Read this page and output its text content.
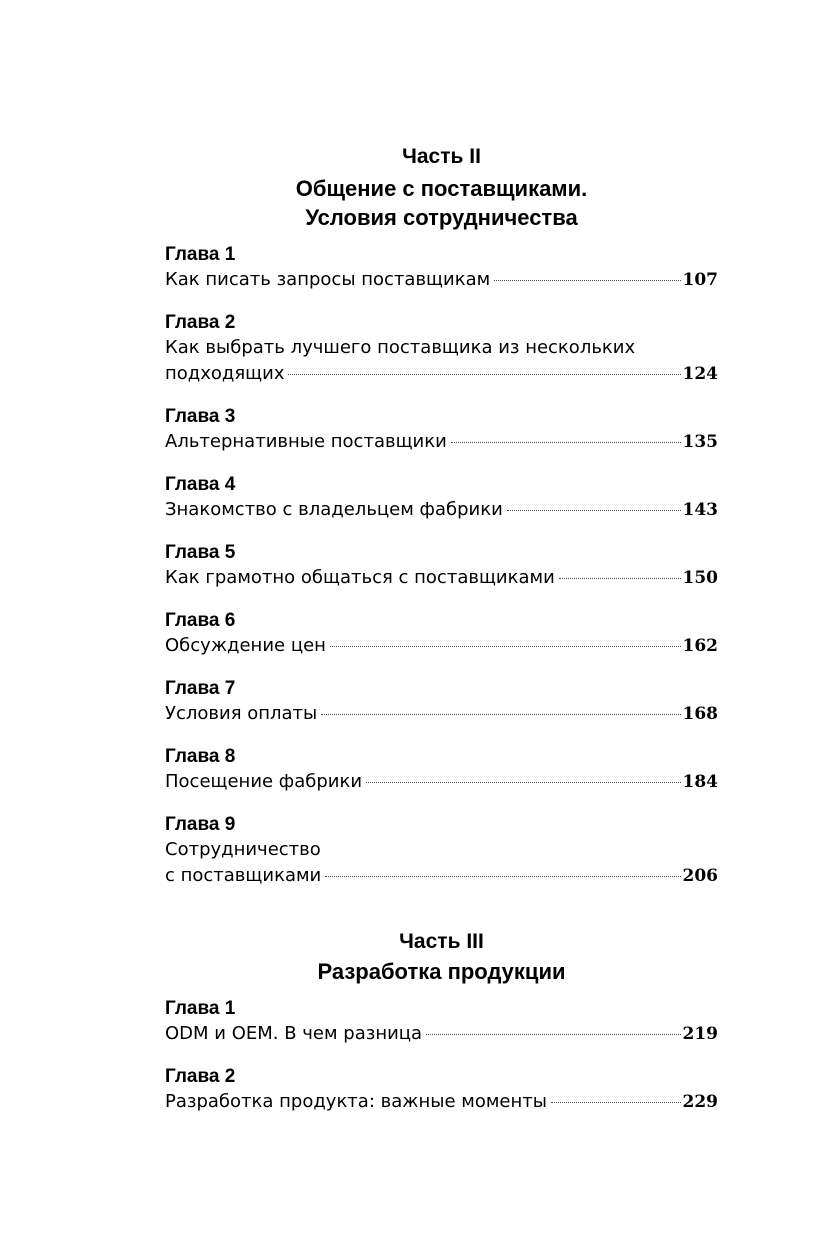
Часть II
Общение с поставщиками.
Условия сотрудничества
Глава 1
Как писать запросы поставщикам	107
Глава 2
Как выбрать лучшего поставщика из нескольких
подходящих	124
Глава 3
Альтернативные поставщики	135
Глава 4
Знакомство с владельцем фабрики	143
Глава 5
Как грамотно общаться с поставщиками	150
Глава 6
Обсуждение цен	162
Глава 7
Условия оплаты	168
Глава 8
Посещение фабрики	184
Глава 9
Сотрудничество
с поставщиками	206
Часть III
Разработка продукции
Глава 1
ODM и OEM. В чем разница	219
Глава 2
Разработка продукта: важные моменты	229
